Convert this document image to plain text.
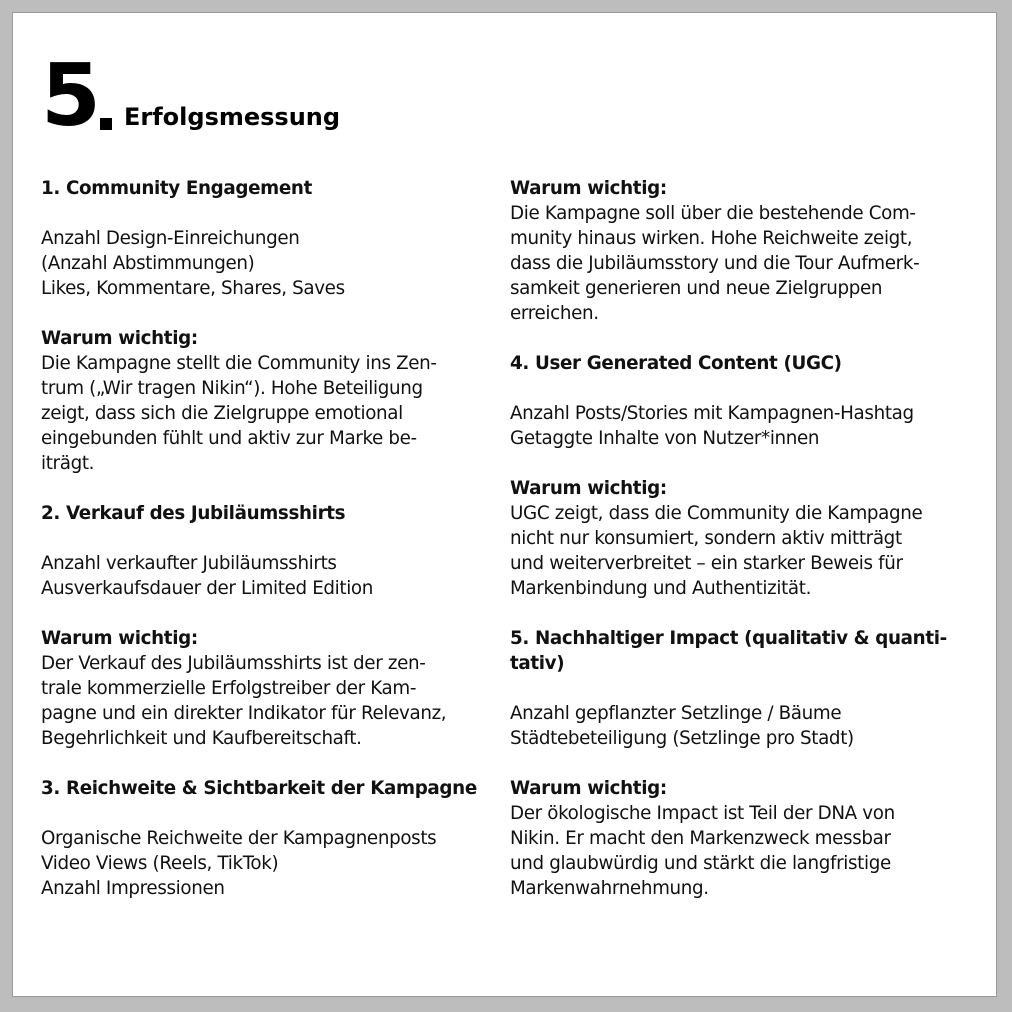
5 Erfolgsmessung

1. Community Engagement

Anzahl Design-Einreichungen
(Anzahl Abstimmungen)
Likes, Kommentare, Shares, Saves
Warum wichtig:

Die Kampagne stellt die Community ins Zen-
trum („Wir tragen Nikin“). Hohe Beteiligung
zeigt, dass sich die Zielgruppe emotional
eingebunden fühlt und aktiv zur Marke be-
iträgt.

2. Verkauf des Jubiläumsshirts

Anzahl verkaufter Jubiläumsshirts
Ausverkaufsdauer der Limited Edition
Warum wichtig:

Der Verkauf des Jubiläumsshirts ist der zen-
trale kommerzielle Erfolgstreiber der Kam-
pagne und ein direkter Indikator für Relevanz,
Begehrlichkeit und Kaufbereitschaft.

3. Reichweite & Sichtbarkeit der Kampagne

Organische Reichweite der Kampagnenposts
Video Views (Reels, TikTok)
Anzahl Impressionen
Warum wichtig:

Die Kampagne soll über die bestehende Com-
munity hinaus wirken. Hohe Reichweite zeigt,
dass die Jubiläumsstory und die Tour Aufmerk-
samkeit generieren und neue Zielgruppen
erreichen.

4. User Generated Content (UGC)

Anzahl Posts/Stories mit Kampagnen-Hashtag
Getaggte Inhalte von Nutzer*innen
Warum wichtig:

UGC zeigt, dass die Community die Kampagne
nicht nur konsumiert, sondern aktiv mitträgt
und weiterverbreitet – ein starker Beweis für
Markenbindung und Authentizität.

5. Nachhaltiger Impact (qualitativ & quanti-
tativ)

Anzahl gepflanzter Setzlinge / Bäume
Städtebeteiligung (Setzlinge pro Stadt)
Warum wichtig:

Der ökologische Impact ist Teil der DNA von
Nikin. Er macht den Markenzweck messbar
und glaubwürdig und stärkt die langfristige
Markenwahrnehmung.
